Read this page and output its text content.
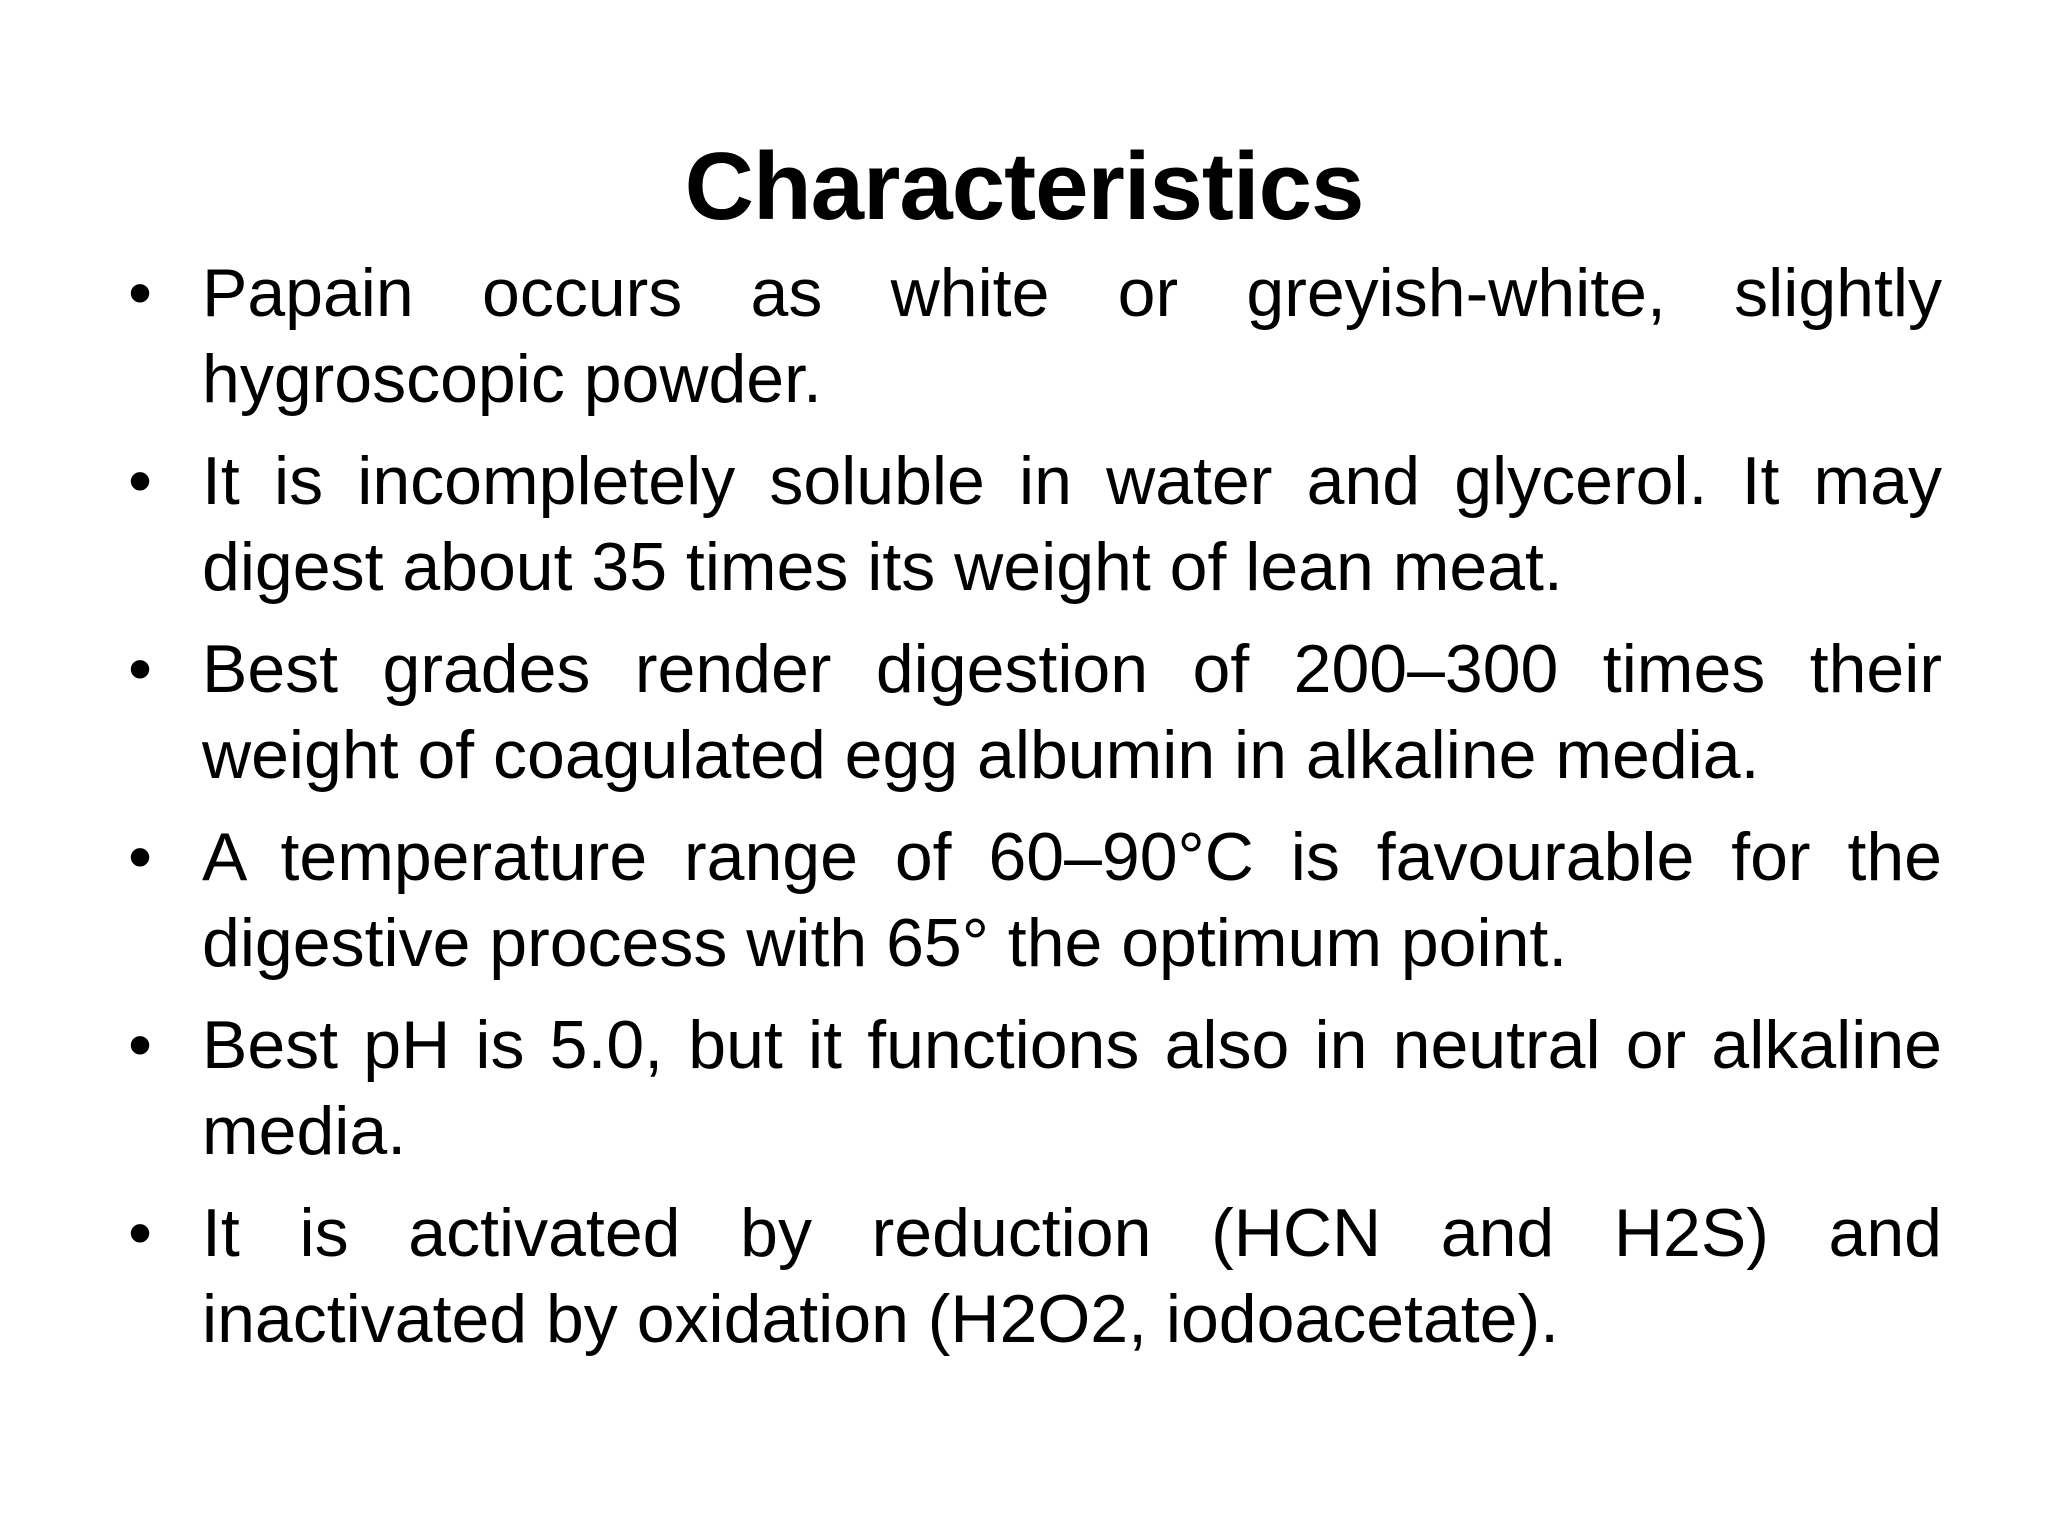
Characteristics
• Papain occurs as white or greyish-white, slightly hygroscopic powder.
• It is incompletely soluble in water and glycerol. It may digest about 35 times its weight of lean meat.
• Best grades render digestion of 200–300 times their weight of coagulated egg albumin in alkaline media.
• A temperature range of 60–90°C is favourable for the digestive process with 65° the optimum point.
• Best pH is 5.0, but it functions also in neutral or alkaline media.
• It is activated by reduction (HCN and H2S) and inactivated by oxidation (H2O2, iodoacetate).
